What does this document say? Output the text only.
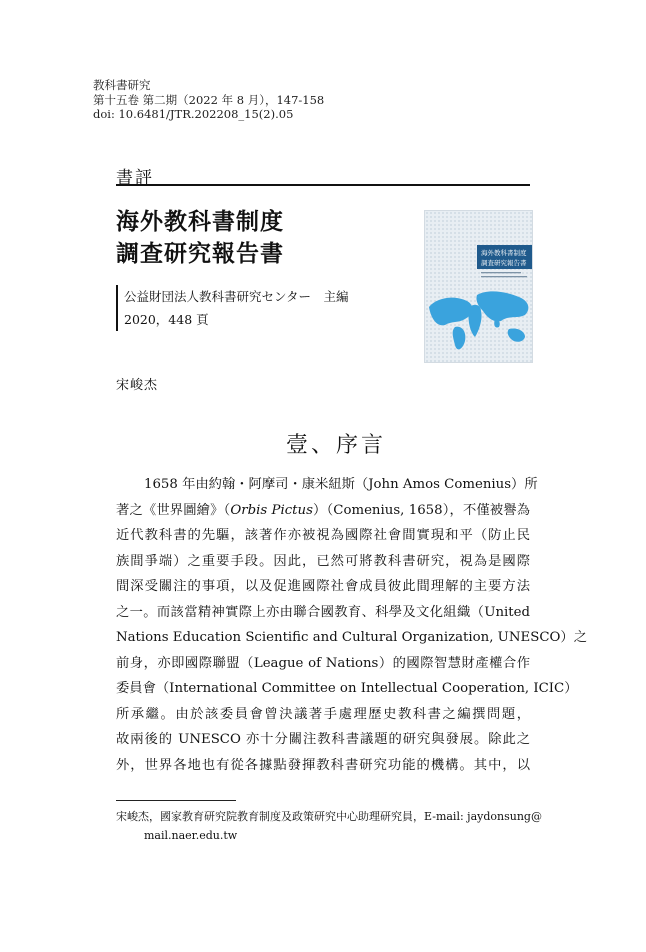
教科書研究
第十五卷 第二期（2022 年 8 月），147-158
doi: 10.6481/JTR.202208_15(2).05
書評
海外教科書制度
調查研究報告書
公益財団法人教科書研究センター　主編
2020，448 頁
海外教科書制度
調査研究報告書
宋峻杰
壹、序言
1658 年由約翰・阿摩司・康米紐斯（John Amos Comenius）所
著之《世界圖繪》（Orbis Pictus）（Comenius, 1658），不僅被譽為
近代教科書的先驅，該著作亦被視為國際社會間實現和平（防止民
族間爭端）之重要手段。因此，已然可將教科書研究，視為是國際
間深受關注的事項，以及促進國際社會成員彼此間理解的主要方法
之一。而該當精神實際上亦由聯合國教育、科學及文化組織（United
Nations Education Scientific and Cultural Organization, UNESCO）之
前身，亦即國際聯盟（League of Nations）的國際智慧財產權合作
委員會（International Committee on Intellectual Cooperation, ICIC）
所承繼。由於該委員會曾決議著手處理歷史教科書之編撰問題，
故兩後的 UNESCO 亦十分關注教科書議題的研究與發展。除此之
外，世界各地也有從各據點發揮教科書研究功能的機構。其中，以
宋峻杰，國家教育研究院教育制度及政策研究中心助理研究員，E-mail: jaydonsung@
mail.naer.edu.tw
